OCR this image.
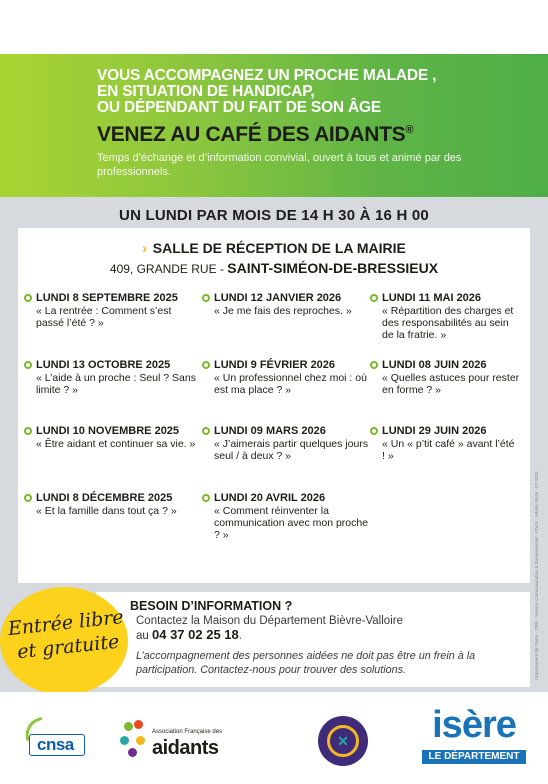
VOUS ACCOMPAGNEZ UN PROCHE MALADE ,
EN SITUATION DE HANDICAP,
OU DÉPENDANT DU FAIT DE SON ÂGE
VENEZ AU CAFÉ DES AIDANTS®
Temps d’échange et d’information convivial, ouvert à tous et animé par des professionnels.
UN LUNDI PAR MOIS DE 14 H 30 À 16 H 00
› SALLE DE RÉCEPTION DE LA MAIRIE
409, GRANDE RUE - SAINT-SIMÉON-DE-BRESSIEUX
LUNDI 8 SEPTEMBRE 2025
« La rentrée : Comment s’est passé l’été ? »
LUNDI 12 JANVIER 2026
« Je me fais des reproches. »
LUNDI 11 MAI 2026
« Répartition des charges et des responsabilités au sein de la fratrie. »
LUNDI 13 OCTOBRE 2025
« L’aide à un proche : Seul ? Sans limite ? »
LUNDI 9 FÉVRIER 2026
« Un professionnel chez moi : où est ma place ? »
LUNDI 08 JUIN 2026
« Quelles astuces pour rester en forme ? »
LUNDI 10 NOVEMBRE 2025
« Être aidant et continuer sa vie. »
LUNDI 09 MARS 2026
« J’aimerais partir quelques jours seul / à deux ? »
LUNDI 29 JUIN 2026
« Un « p’tit café » avant l’été ! »
LUNDI 8 DÉCEMBRE 2025
« Et la famille dans tout ça ? »
LUNDI 20 AVRIL 2026
« Comment réinventer la communication avec mon proche ? »	Département de l’Isère - DRE - Service Communication & Événementiel - Photo : Adobe Stock - 07-2024
BESOIN D’INFORMATION ?
Contactez la Maison du Département Bièvre-Valloire
au 04 37 02 25 18.
L’accompagnement des personnes aidées ne doit pas être un frein à la participation. Contactez-nous pour trouver des solutions.
Entrée libre
et gratuite
cnsa
Association Française des
aidants	✕	isère
LE DÉPARTEMENT
